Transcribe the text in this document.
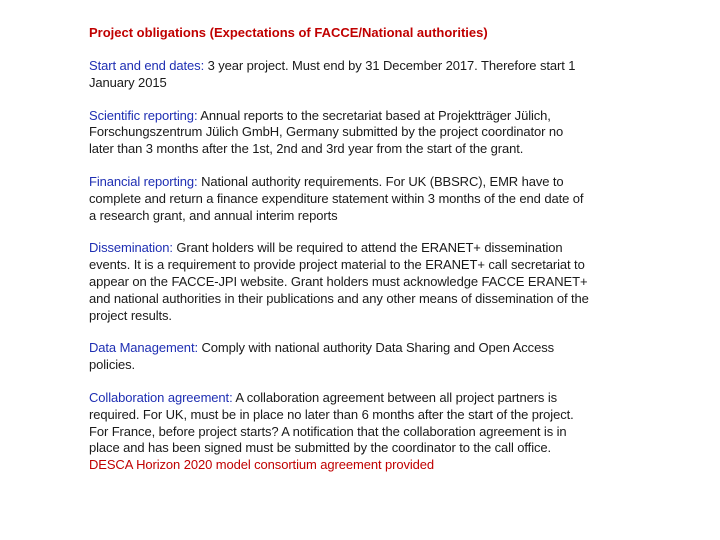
Project obligations (Expectations of FACCE/National authorities)

Start and end dates: 3 year project. Must end by 31 December 2017. Therefore start 1 January 2015

Scientific reporting: Annual reports to the secretariat based at Projektträger Jülich, Forschungszentrum Jülich GmbH, Germany submitted by the project coordinator no later than 3 months after the 1st, 2nd and 3rd year from the start of the grant.

Financial reporting: National authority requirements. For UK (BBSRC), EMR have to complete and return a finance expenditure statement within 3 months of the end date of a research grant, and annual interim reports

Dissemination: Grant holders will be required to attend the ERANET+ dissemination events. It is a requirement to provide project material to the ERANET+ call secretariat to appear on the FACCE-JPI website. Grant holders must acknowledge FACCE ERANET+ and national authorities in their publications and any other means of dissemination of the project results.

Data Management: Comply with national authority Data Sharing and Open Access policies.

Collaboration agreement: A collaboration agreement between all project partners is required. For UK, must be in place no later than 6 months after the start of the project. For France, before project starts? A notification that the collaboration agreement is in place and has been signed must be submitted by the coordinator to the call office. DESCA Horizon 2020 model consortium agreement provided
